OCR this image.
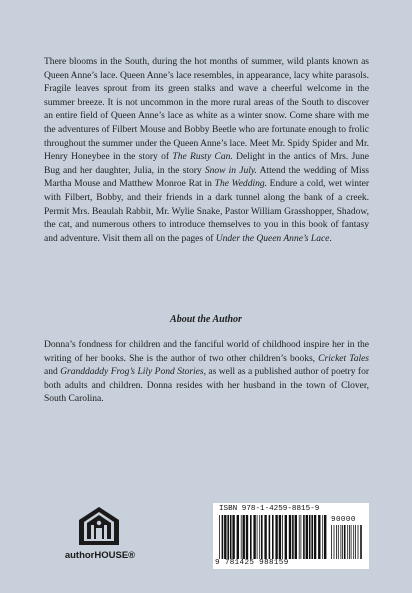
There blooms in the South, during the hot months of summer, wild plants known as Queen Anne’s lace. Queen Anne’s lace resembles, in appearance, lacy white parasols. Fragile leaves sprout from its green stalks and wave a cheerful welcome in the summer breeze. It is not uncommon in the more rural areas of the South to discover an entire field of Queen Anne’s lace as white as a winter snow. Come share with me the adventures of Filbert Mouse and Bobby Beetle who are fortunate enough to frolic throughout the summer under the Queen Anne’s lace. Meet Mr. Spidy Spider and Mr. Henry Honeybee in the story of The Rusty Can. Delight in the antics of Mrs. June Bug and her daughter, Julia, in the story Snow in July. Attend the wedding of Miss Martha Mouse and Matthew Monroe Rat in The Wedding. Endure a cold, wet winter with Filbert, Bobby, and their friends in a dark tunnel along the bank of a creek. Permit Mrs. Beaulah Rabbit, Mr. Wylie Snake, Pastor William Grasshopper, Shadow, the cat, and numerous others to introduce themselves to you in this book of fantasy and adventure. Visit them all on the pages of Under the Queen Anne’s Lace.

About the Author

Donna’s fondness for children and the fanciful world of childhood inspire her in the writing of her books. She is the author of two other children’s books, Cricket Tales and Granddaddy Frog’s Lily Pond Stories, as well as a published author of poetry for both adults and children. Donna resides with her husband in the town of Clover, South Carolina.

authorHOUSE®
ISBN 978-1-4259-8815-9
90000
9 781425 988159
